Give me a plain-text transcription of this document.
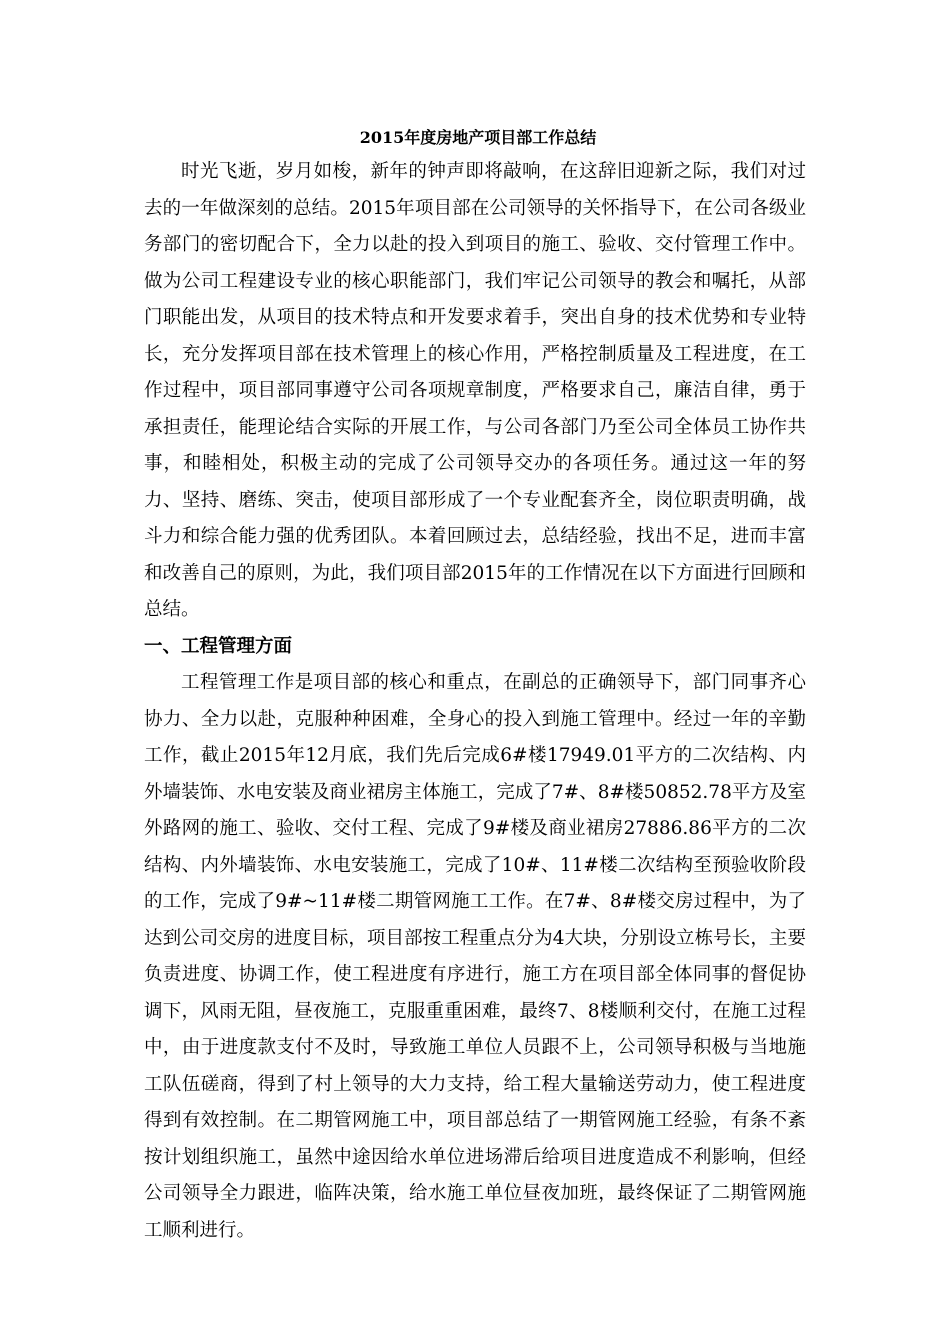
2015年度房地产项目部工作总结

时光飞逝，岁月如梭，新年的钟声即将敲响，在这辞旧迎新之际，我们对过去的一年做深刻的总结。2015年项目部在公司领导的关怀指导下，在公司各级业务部门的密切配合下，全力以赴的投入到项目的施工、验收、交付管理工作中。做为公司工程建设专业的核心职能部门，我们牢记公司领导的教会和嘱托，从部门职能出发，从项目的技术特点和开发要求着手，突出自身的技术优势和专业特长，充分发挥项目部在技术管理上的核心作用，严格控制质量及工程进度，在工作过程中，项目部同事遵守公司各项规章制度，严格要求自己，廉洁自律，勇于承担责任，能理论结合实际的开展工作，与公司各部门乃至公司全体员工协作共事，和睦相处，积极主动的完成了公司领导交办的各项任务。通过这一年的努力、坚持、磨练、突击，使项目部形成了一个专业配套齐全，岗位职责明确，战斗力和综合能力强的优秀团队。本着回顾过去，总结经验，找出不足，进而丰富和改善自己的原则，为此，我们项目部2015年的工作情况在以下方面进行回顾和总结。

一、工程管理方面

工程管理工作是项目部的核心和重点，在副总的正确领导下，部门同事齐心协力、全力以赴，克服种种困难，全身心的投入到施工管理中。经过一年的辛勤工作，截止2015年12月底，我们先后完成6#楼17949.01平方的二次结构、内外墙装饰、水电安装及商业裙房主体施工，完成了7#、8#楼50852.78平方及室外路网的施工、验收、交付工程、完成了9#楼及商业裙房27886.86平方的二次结构、内外墙装饰、水电安装施工，完成了10#、11#楼二次结构至预验收阶段的工作，完成了9#~11#楼二期管网施工工作。在7#、8#楼交房过程中，为了达到公司交房的进度目标，项目部按工程重点分为4大块，分别设立栋号长，主要负责进度、协调工作，使工程进度有序进行，施工方在项目部全体同事的督促协调下，风雨无阻，昼夜施工，克服重重困难，最终7、8楼顺利交付，在施工过程中，由于进度款支付不及时，导致施工单位人员跟不上，公司领导积极与当地施工队伍磋商，得到了村上领导的大力支持，给工程大量输送劳动力，使工程进度得到有效控制。在二期管网施工中，项目部总结了一期管网施工经验，有条不紊按计划组织施工，虽然中途因给水单位进场滞后给项目进度造成不利影响，但经公司领导全力跟进，临阵决策，给水施工单位昼夜加班，最终保证了二期管网施工顺利进行。
